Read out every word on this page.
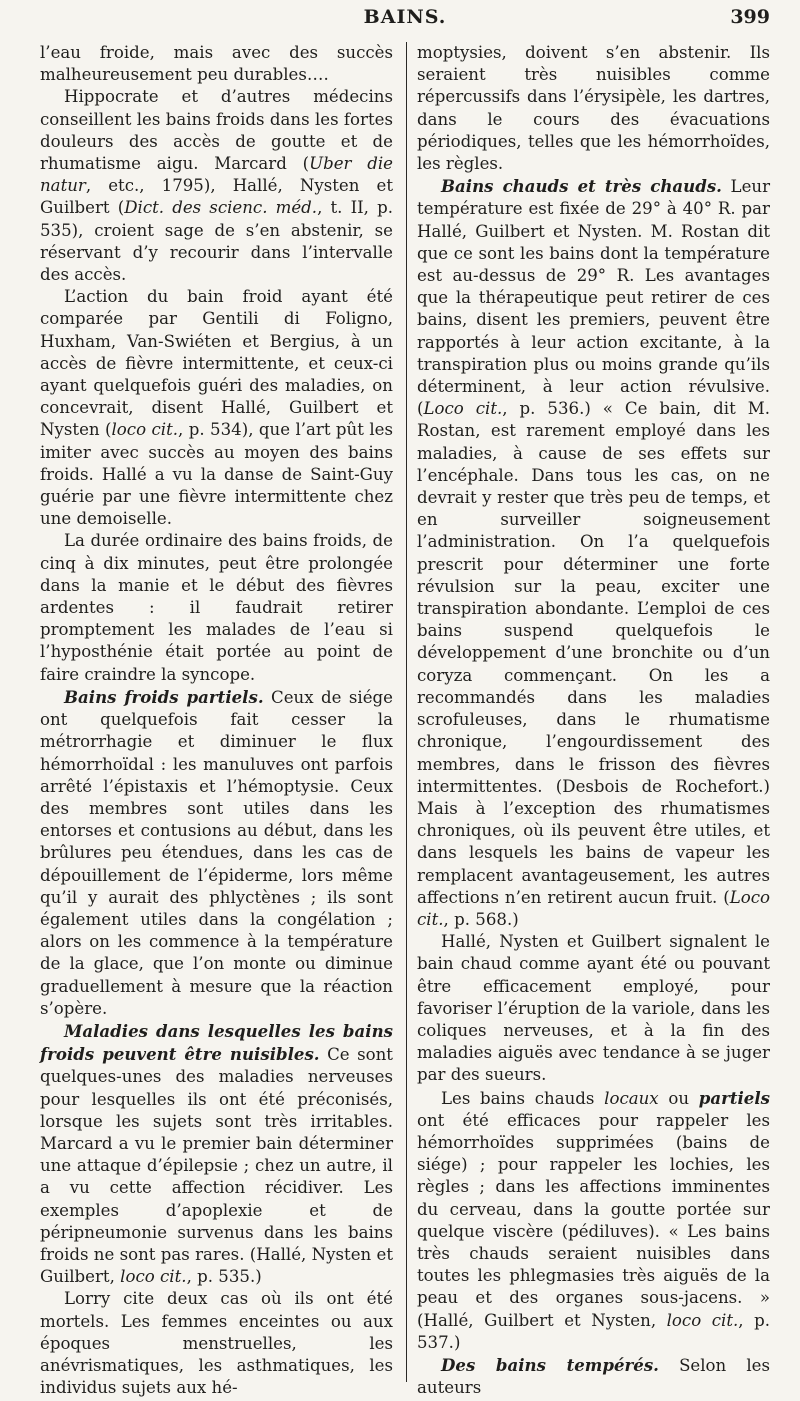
BAINS.	399

l’eau froide, mais avec des succès malheureusement peu durables….

Hippocrate et d’autres médecins conseillent les bains froids dans les fortes douleurs des accès de goutte et de rhumatisme aigu. Marcard (Uber die natur, etc., 1795), Hallé, Nysten et Guilbert (Dict. des scienc. méd., t. II, p. 535), croient sage de s’en abstenir, se réservant d’y recourir dans l’intervalle des accès.

L’action du bain froid ayant été comparée par Gentili di Foligno, Huxham, Van-Swiéten et Bergius, à un accès de fièvre intermittente, et ceux-ci ayant quelquefois guéri des maladies, on concevrait, disent Hallé, Guilbert et Nysten (loco cit., p. 534), que l’art pût les imiter avec succès au moyen des bains froids. Hallé a vu la danse de Saint-Guy guérie par une fièvre intermittente chez une demoiselle.

La durée ordinaire des bains froids, de cinq à dix minutes, peut être prolongée dans la manie et le début des fièvres ardentes : il faudrait retirer promptement les malades de l’eau si l’hyposthénie était portée au point de faire craindre la syncope.

Bains froids partiels. Ceux de siége ont quelquefois fait cesser la métrorrhagie et diminuer le flux hémorrhoïdal : les manuluves ont parfois arrêté l’épistaxis et l’hémoptysie. Ceux des membres sont utiles dans les entorses et contusions au début, dans les brûlures peu étendues, dans les cas de dépouillement de l’épiderme, lors même qu’il y aurait des phlyctènes ; ils sont également utiles dans la congélation ; alors on les commence à la température de la glace, que l’on monte ou diminue graduellement à mesure que la réaction s’opère.

Maladies dans lesquelles les bains froids peuvent être nuisibles. Ce sont quelques-unes des maladies nerveuses pour lesquelles ils ont été préconisés, lorsque les sujets sont très irritables. Marcard a vu le premier bain déterminer une attaque d’épilepsie ; chez un autre, il a vu cette affection récidiver. Les exemples d’apoplexie et de péripneumonie survenus dans les bains froids ne sont pas rares. (Hallé, Nysten et Guilbert, loco cit., p. 535.)

Lorry cite deux cas où ils ont été mortels. Les femmes enceintes ou aux époques menstruelles, les anévrismatiques, les asthmatiques, les individus sujets aux hé-

moptysies, doivent s’en abstenir. Ils seraient très nuisibles comme répercussifs dans l’érysipèle, les dartres, dans le cours des évacuations périodiques, telles que les hémorrhoïdes, les règles.

Bains chauds et très chauds. Leur température est fixée de 29° à 40° R. par Hallé, Guilbert et Nysten. M. Rostan dit que ce sont les bains dont la température est au-dessus de 29° R. Les avantages que la thérapeutique peut retirer de ces bains, disent les premiers, peuvent être rapportés à leur action excitante, à la transpiration plus ou moins grande qu’ils déterminent, à leur action révulsive. (Loco cit., p. 536.) « Ce bain, dit M. Rostan, est rarement employé dans les maladies, à cause de ses effets sur l’encéphale. Dans tous les cas, on ne devrait y rester que très peu de temps, et en surveiller soigneusement l’administration. On l’a quelquefois prescrit pour déterminer une forte révulsion sur la peau, exciter une transpiration abondante. L’emploi de ces bains suspend quelquefois le développement d’une bronchite ou d’un coryza commençant. On les a recommandés dans les maladies scrofuleuses, dans le rhumatisme chronique, l’engourdissement des membres, dans le frisson des fièvres intermittentes. (Desbois de Rochefort.) Mais à l’exception des rhumatismes chroniques, où ils peuvent être utiles, et dans lesquels les bains de vapeur les remplacent avantageusement, les autres affections n’en retirent aucun fruit. (Loco cit., p. 568.)

Hallé, Nysten et Guilbert signalent le bain chaud comme ayant été ou pouvant être efficacement employé, pour favoriser l’éruption de la variole, dans les coliques nerveuses, et à la fin des maladies aiguës avec tendance à se juger par des sueurs.

Les bains chauds locaux ou partiels ont été efficaces pour rappeler les hémorrhoïdes supprimées (bains de siége) ; pour rappeler les lochies, les règles ; dans les affections imminentes du cerveau, dans la goutte portée sur quelque viscère (pédiluves). « Les bains très chauds seraient nuisibles dans toutes les phlegmasies très aiguës de la peau et des organes sous-jacens. » (Hallé, Guilbert et Nysten, loco cit., p. 537.)

Des bains tempérés. Selon les auteurs
